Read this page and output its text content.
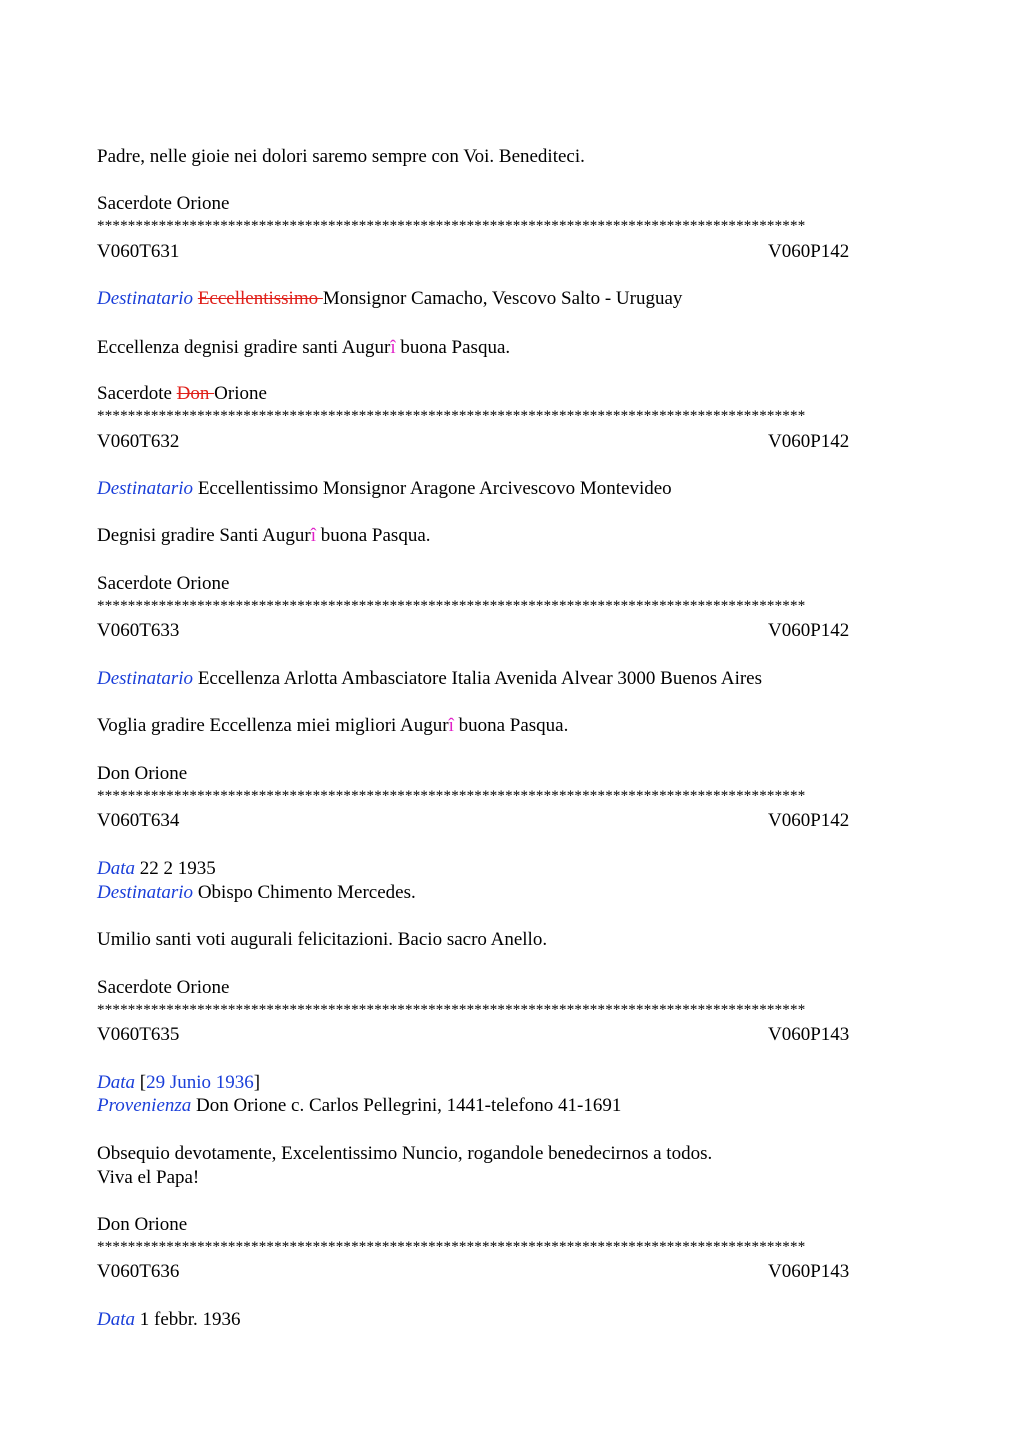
Padre, nelle gioie nei dolori saremo sempre con Voi. Benediteci.
Sacerdote Orione
********************************************************************************************
V060T631	V060P142
Destinatario Eccellentissimo Monsignor Camacho, Vescovo Salto - Uruguay
Eccellenza degnisi gradire santi Augurî buona Pasqua.
Sacerdote Don Orione
********************************************************************************************
V060T632	V060P142
Destinatario Eccellentissimo Monsignor Aragone Arcivescovo Montevideo
Degnisi gradire Santi Augurî buona Pasqua.
Sacerdote Orione
********************************************************************************************
V060T633	V060P142
Destinatario Eccellenza Arlotta Ambasciatore Italia Avenida Alvear 3000 Buenos Aires
Voglia gradire Eccellenza miei migliori Augurî buona Pasqua.
Don Orione
********************************************************************************************
V060T634	V060P142
Data 22 2 1935
Destinatario Obispo Chimento Mercedes.
Umilio santi voti augurali felicitazioni. Bacio sacro Anello.
Sacerdote Orione
********************************************************************************************
V060T635	V060P143
Data [29 Junio 1936]
Provenienza Don Orione c. Carlos Pellegrini, 1441-telefono 41-1691
Obsequio devotamente, Excelentissimo Nuncio, rogandole benedecirnos a todos.
Viva el Papa!
Don Orione
********************************************************************************************
V060T636	V060P143
Data 1 febbr. 1936
